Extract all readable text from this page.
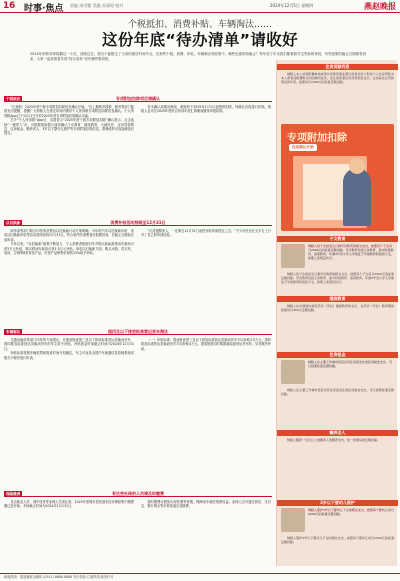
16 时事·焦点 责编 汤学勤 美编 苏丽琼 校对	2024年12月5日 星期四	燕赵晚报
个税抵扣、消费补贴、车辆淘汰……
这份年底“待办清单”请收好
2024年的账单即将翻过一个页，回顾过往，我们不能错过了当前的最后时间节点。在那些个税、消费、补贴、车辆淘汰等政策中，哪些优惠即将截止？每年到了年末我们都要面对这些新的规则，有些政策的截止日期即将到来，大家一起来看看年底“待办清单”里有哪些事项吧。
个税抵扣	专项附加扣除项目请确认

“注意啦！2025年度个税专项附加扣除信息确认开始。”近上期我市国税、税务等部门陆续发出提醒，提醒广大纳税人在规定时间内做好个人所得税专项附加扣除信息确认。个人所得税App已于12月1日开放2025年度专项附加扣除确认功能。

打开“个人所得税”App后，页面显示“2025年度个税专项附加扣除”确认提示，点击选择“一键带入”后，可根据系统提示逐项确认子女教育、继续教育、大病医疗、住房贷款利息、住房租金、赡养老人、3岁以下婴幼儿照护等专项附加扣除信息，需修改的可直接修改后提交。

若未确认或做出修改，系统将于2025年1月1日起暂停扣除，待确认后再进行扣除。纳税人也可在2025年度综合所得年度汇算期间继续申报扣除。

以旧换新	消费补贴活动持续至12月31日

商务部等部门联合印发的消费品以旧换新行动方案明确，今年的汽车以旧换新补贴、家电以旧换新补贴等活动将持续到12月31日。符合条件的消费者应抓紧时间，在截止日期前完成申请。

今年以来，“以旧换新”政策不断加力，个人消费者报废旧车并购买新能源乘用车最高可获2万元补贴，购买燃油车最高可获1.5万元补贴。家电以旧换新方面，购买冰箱、洗衣机、电视、空调等8类家电产品，可按产品销售价格的15%给予补贴。

“记得提醒家人，一定要在12月31日前把补贴申请提交上去。”不少市民在社交平台上分享了自己的申请经验。

车辆淘汰	国四及以下排放标准营运货车淘汰

交通运输部等部门印发的方案提出，对提前报废国三及以下排放标准营运类柴油货车、国四排放标准营运类柴油货车的车主给予补贴，补贴资金申请截止时间为2024年12月31日。

补贴标准按照车辆类型和报废时间分档确定，车主可登录全国汽车流通信息管理系统或相关小程序进行申请。

（一）补贴标准：提前报废国三及以下排放标准营运类柴油货车平均补贴3.5万元；国四排放标准营运类柴油货车平均补贴4万元。提前报废同时购置新能源营运货车的，另有额外补贴。

保险缴费	有这些社保的人员请及时缴费

灵活就业人员、城乡居民等参保人员请注意，2025年度城乡居民基本医疗保险集中缴费期已经开始，多地截止时间为2024年12月31日。

按时缴费可避免出现待遇等待期，保障来年就医报销权益。参保人员可通过微信、支付宝、银行网点等多种渠道完成缴费。

住房贷款利息

纳税人本人或者配偶单独或者共同使用商业银行或者住房公积金个人住房贷款为本人或者其配偶购买中国境内住房，发生的首套住房贷款利息支出，在实际发生贷款利息的年度，按照每月1000元的标准定额扣除。

专项附加扣除
信息确认开始
子女教育
纳税人的子女接受全日制学历教育的相关支出，按照每个子女每月2000元的标准定额扣除。学历教育包括义务教育、高中阶段教育、高等教育。年满3岁至小学入学前处于学前教育阶段的子女，按照上述规定执行。

纳税人的子女接受全日制学历教育的相关支出，按照每个子女每月2000元的标准定额扣除。学历教育包括义务教育、高中阶段教育、高等教育。年满3岁至小学入学前处于学前教育阶段的子女，按照上述规定执行。

继续教育

纳税人在中国境内接受学历（学位）继续教育的支出，在学历（学位）教育期间按照每月400元定额扣除。

住房租金
纳税人在主要工作城市没有自有住房而发生的住房租金支出，可以按照标准定额扣除。

纳税人在主要工作城市没有自有住房而发生的住房租金支出，可以按照标准定额扣除。

赡养老人

纳税人赡养一位及以上被赡养人的赡养支出，统一按照标准定额扣除。

3岁以下婴幼儿照护
纳税人照护3岁以下婴幼儿子女的相关支出，按照每个婴幼儿每月2000元的标准定额扣除。

纳税人照护3岁以下婴幼儿子女的相关支出，按照每个婴幼儿每月2000元的标准定额扣除。

新闻热线：燕赵晚报全媒体 (0311) 8888 8888 发行热线 订阅热线 邮发代号
